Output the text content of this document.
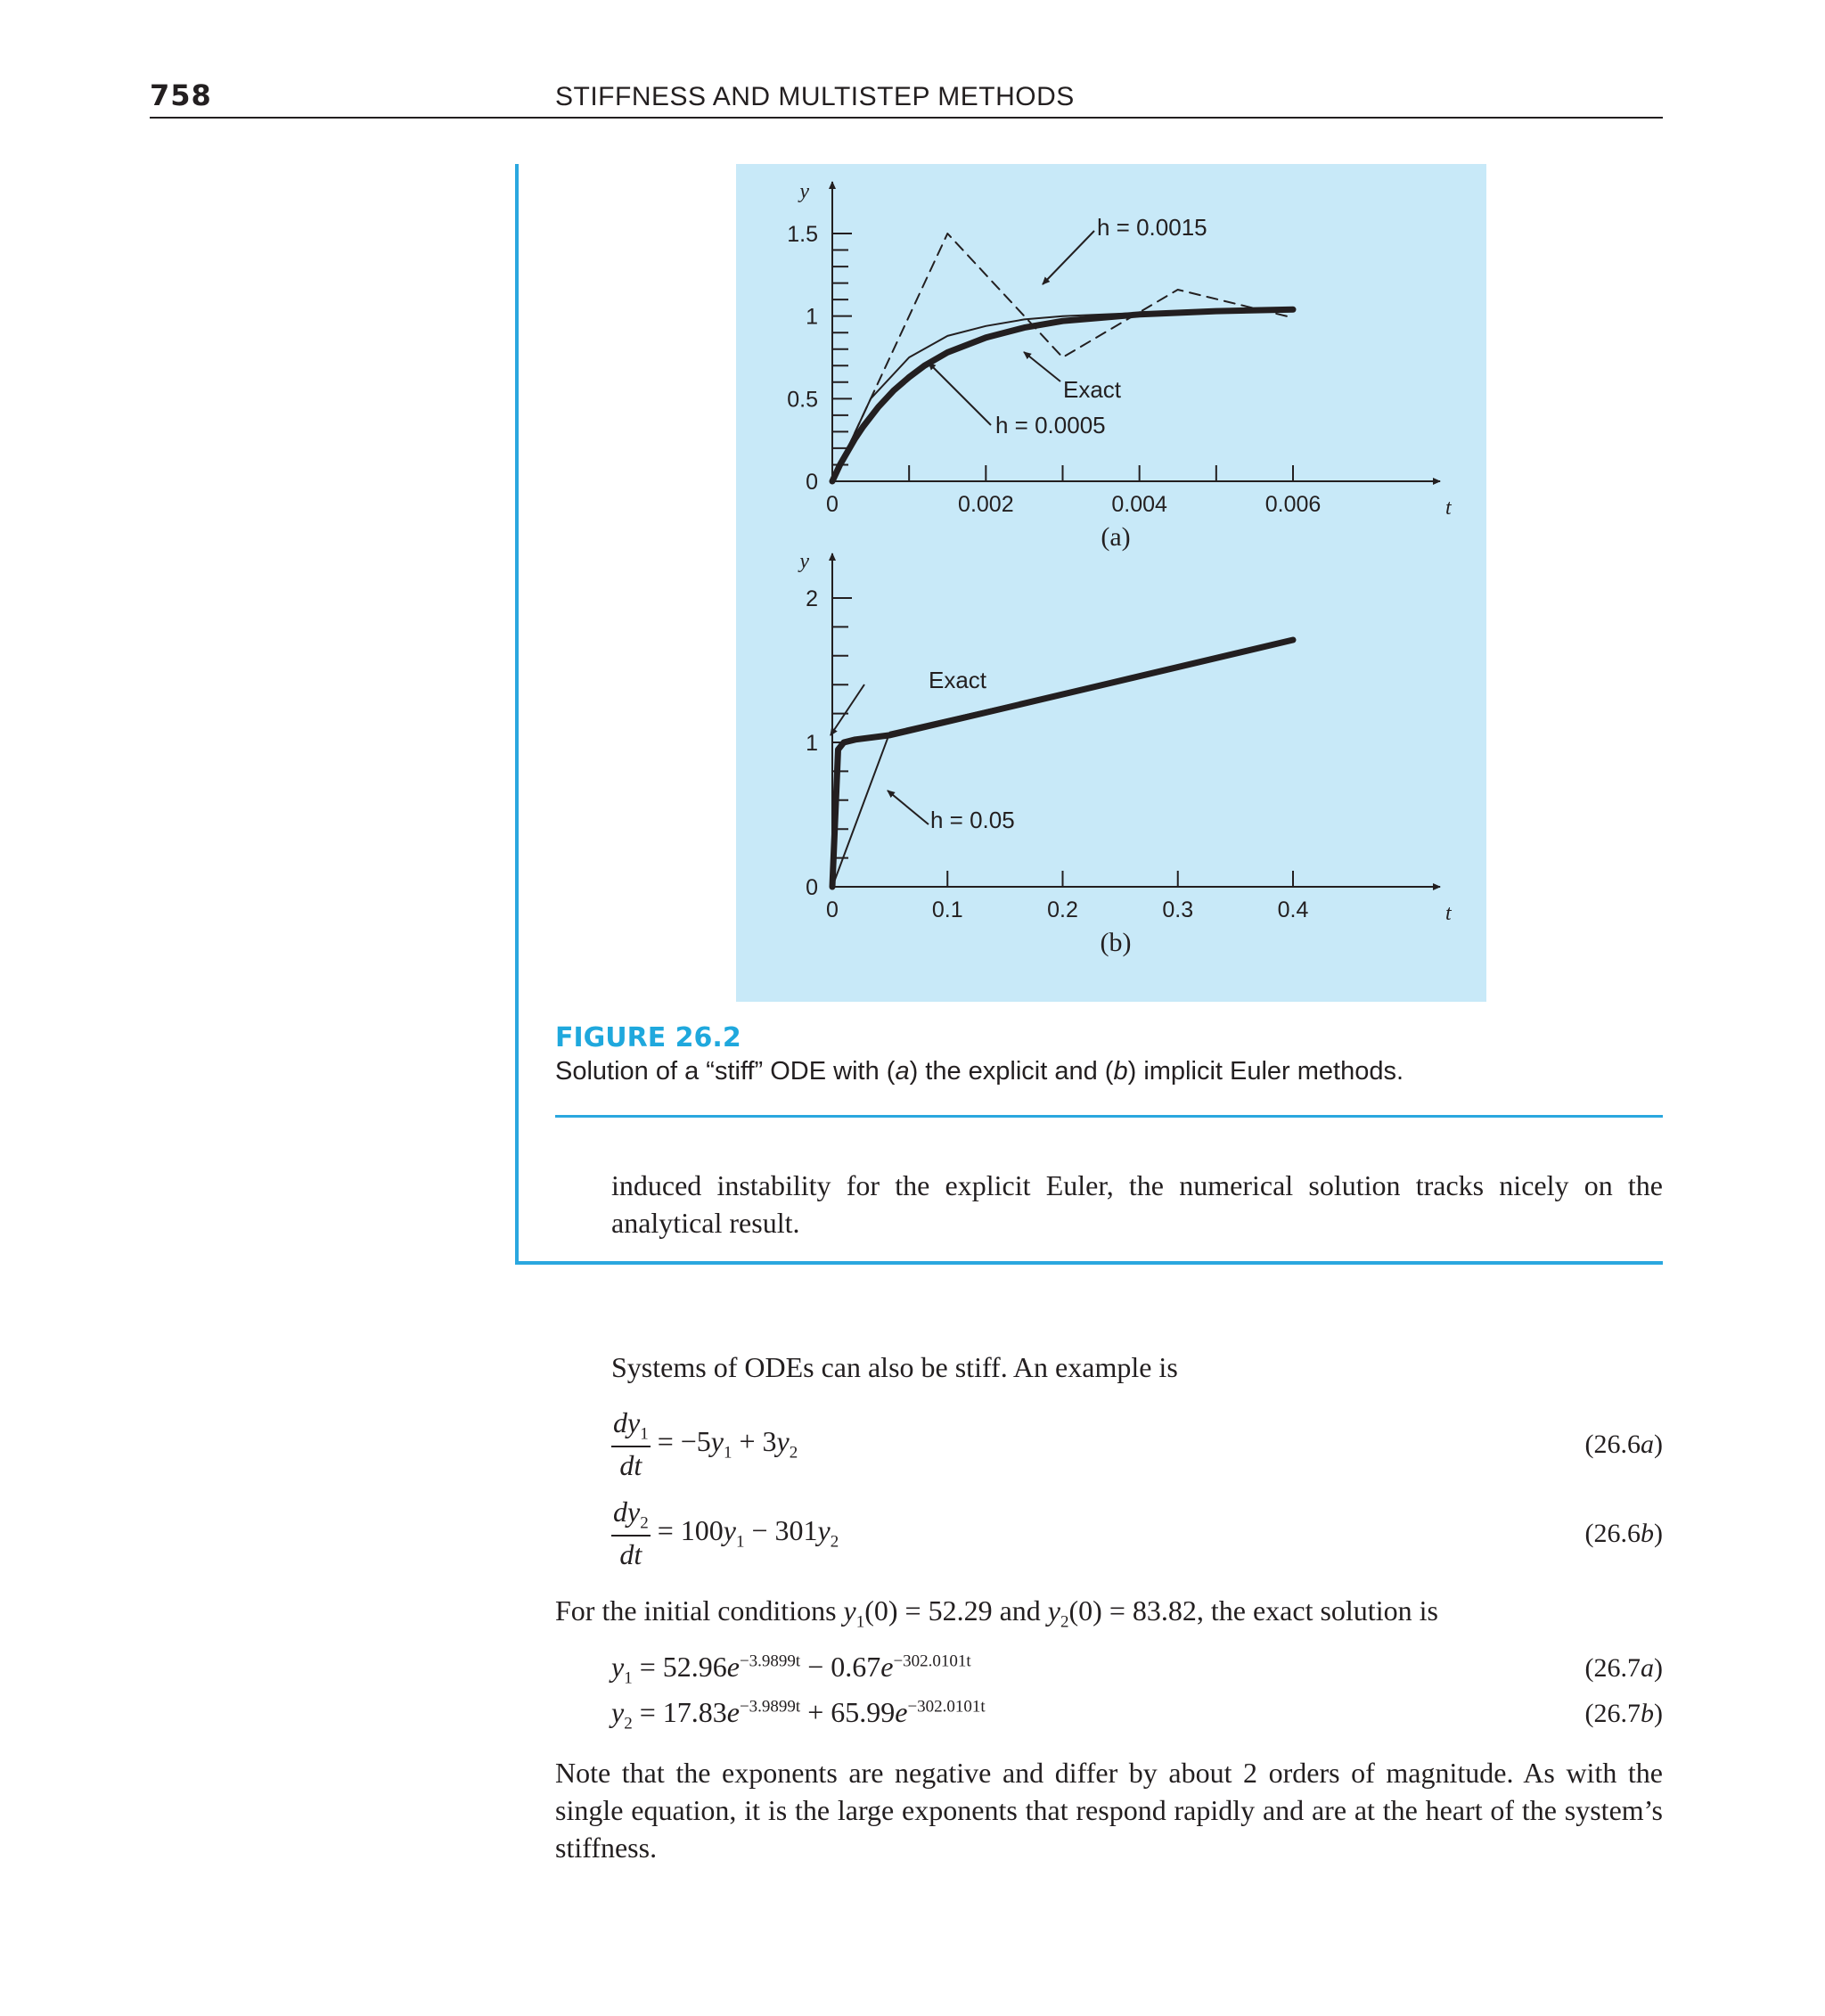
758	STIFFNESS AND MULTISTEP METHODS
0	0.002	0.004	0.006
0
0.5
1
1.5
y
t
(a)
h = 0.0015
Exact
h = 0.0005
0	0.1	0.2	0.3	0.4
0
1
2
y
t
(b)
Exact
h = 0.05
FIGURE 26.2
Solution of a “stiff” ODE with (a) the explicit and (b) implicit Euler methods.
induced instability for the explicit Euler, the numerical solution tracks nicely on the analytical result.
Systems of ODEs can also be stiff. An example is
$\frac{dy_1}{dt} = -5y_1 + 3y_2$	(26.6a)
$\frac{dy_2}{dt} = 100y_1 - 301y_2$	(26.6b)
For the initial conditions $y_1(0) = 52.29$ and $y_2(0) = 83.82$, the exact solution is
$y_1 = 52.96e^{-3.9899t} - 0.67e^{-302.0101t}$	(26.7a)
$y_2 = 17.83e^{-3.9899t} + 65.99e^{-302.0101t}$	(26.7b)
Note that the exponents are negative and differ by about 2 orders of magnitude. As with the single equation, it is the large exponents that respond rapidly and are at the heart of the system’s stiffness.
